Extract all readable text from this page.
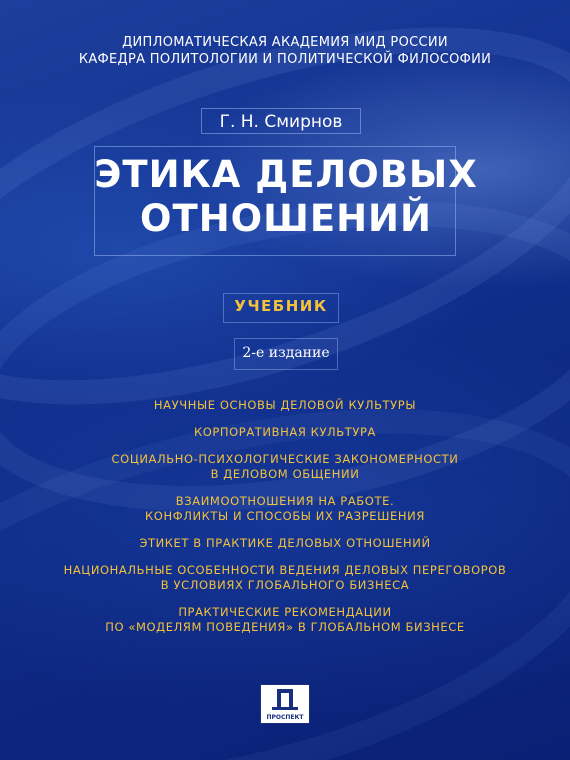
ДИПЛОМАТИЧЕСКАЯ АКАДЕМИЯ МИД РОССИИ
КАФЕДРА ПОЛИТОЛОГИИ И ПОЛИТИЧЕСКОЙ ФИЛОСОФИИ
Г. Н. Смирнов
ЭТИКА ДЕЛОВЫХ
ОТНОШЕНИЙ
УЧЕБНИК
2-е издание
НАУЧНЫЕ ОСНОВЫ ДЕЛОВОЙ КУЛЬТУРЫ
КОРПОРАТИВНАЯ КУЛЬТУРА
СОЦИАЛЬНО-ПСИХОЛОГИЧЕСКИЕ ЗАКОНОМЕРНОСТИ
В ДЕЛОВОМ ОБЩЕНИИ
ВЗАИМООТНОШЕНИЯ НА РАБОТЕ.
КОНФЛИКТЫ И СПОСОБЫ ИХ РАЗРЕШЕНИЯ
ЭТИКЕТ В ПРАКТИКЕ ДЕЛОВЫХ ОТНОШЕНИЙ
НАЦИОНАЛЬНЫЕ ОСОБЕННОСТИ ВЕДЕНИЯ ДЕЛОВЫХ ПЕРЕГОВОРОВ
В УСЛОВИЯХ ГЛОБАЛЬНОГО БИЗНЕСА
ПРАКТИЧЕСКИЕ РЕКОМЕНДАЦИИ
ПО «МОДЕЛЯМ ПОВЕДЕНИЯ» В ГЛОБАЛЬНОМ БИЗНЕСЕ
ПРОСПЕКТ
